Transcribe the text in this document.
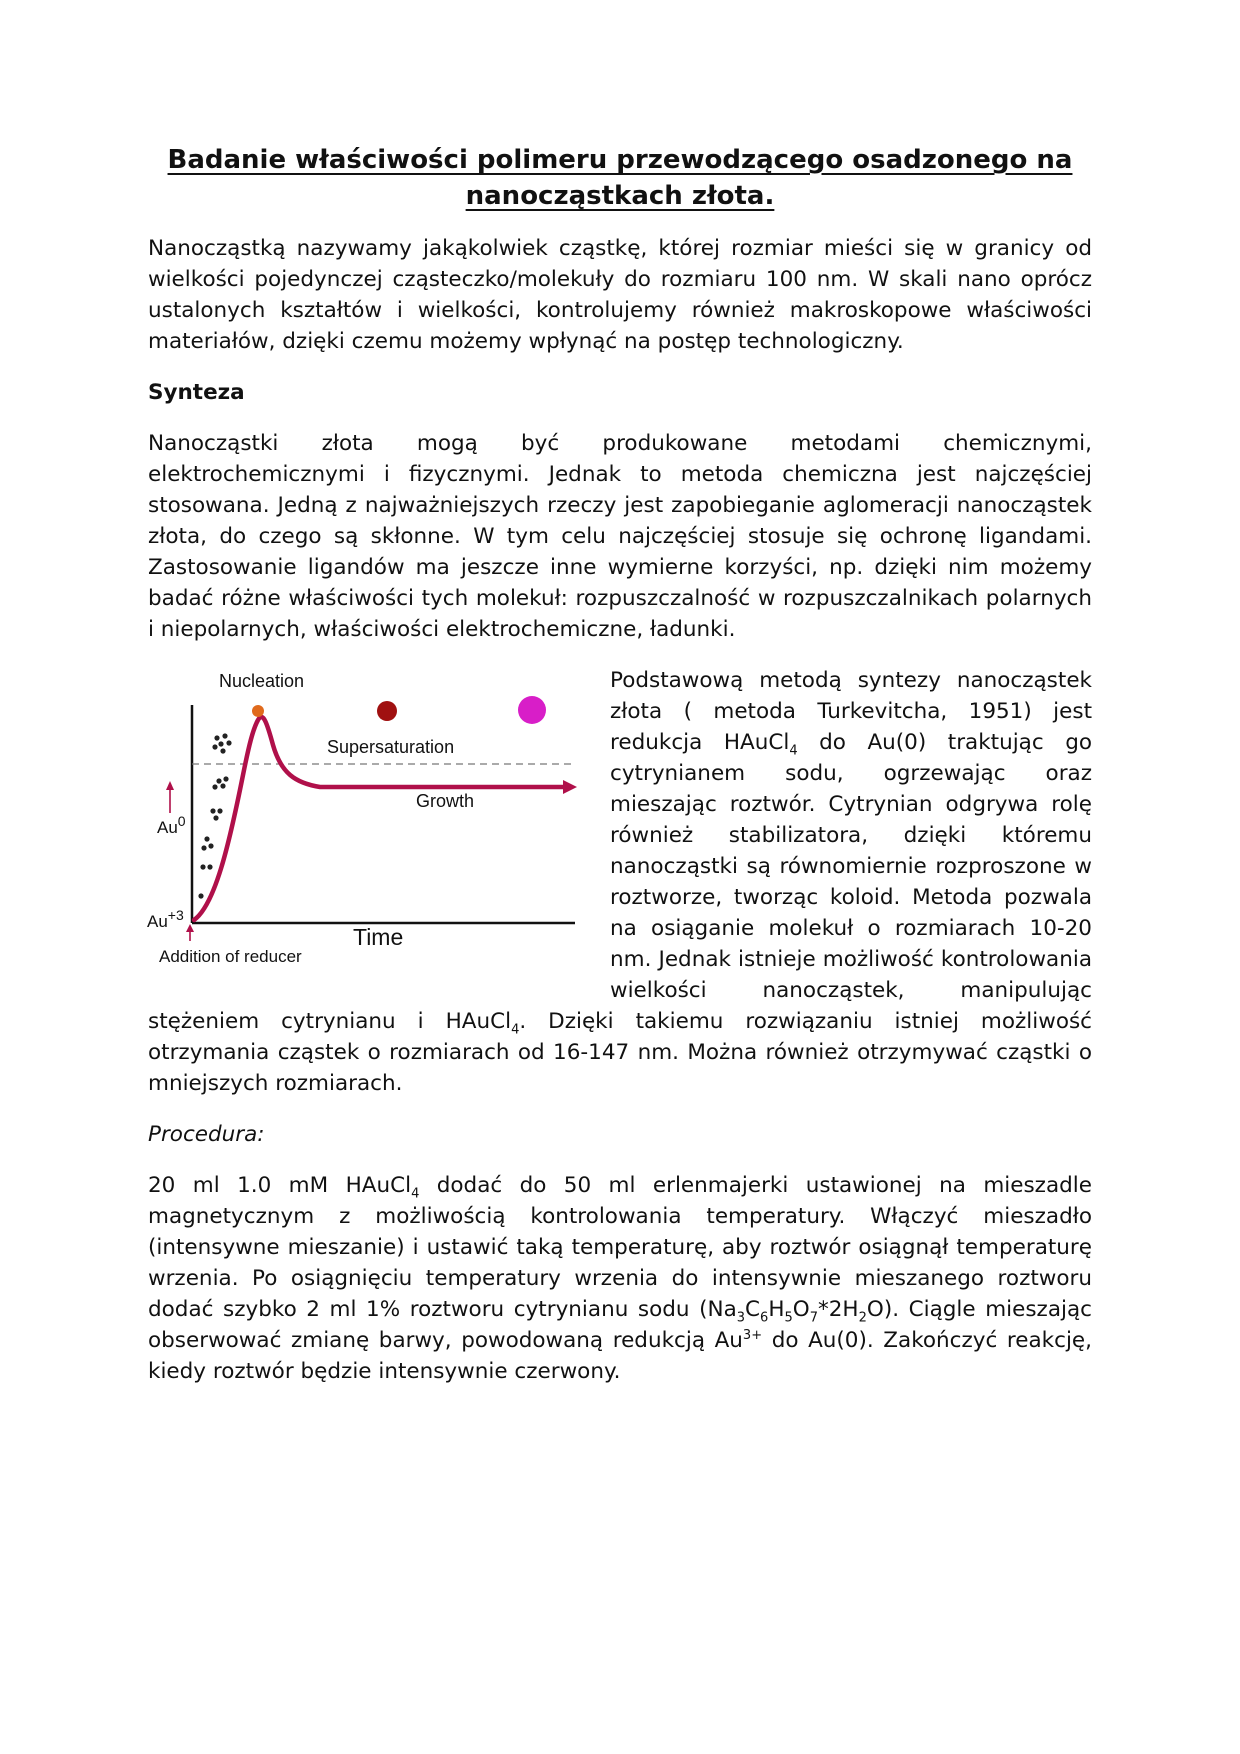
Badanie właściwości polimeru przewodzącego osadzonego na nanocząstkach złota.

Nanocząstką nazywamy jakąkolwiek cząstkę, której rozmiar mieści się w granicy od wielkości pojedynczej cząsteczko/molekuły do rozmiaru 100 nm. W skali nano oprócz ustalonych kształtów i wielkości, kontrolujemy również makroskopowe właściwości materiałów, dzięki czemu możemy wpłynąć na postęp technologiczny.

Synteza

Nanocząstki złota mogą być produkowane metodami chemicznymi, elektrochemicznymi i fizycznymi. Jednak to metoda chemiczna jest najczęściej stosowana. Jedną z najważniejszych rzeczy jest zapobieganie aglomeracji nanocząstek złota, do czego są skłonne. W tym celu najczęściej stosuje się ochronę ligandami. Zastosowanie ligandów ma jeszcze inne wymierne korzyści, np. dzięki nim możemy badać różne właściwości tych molekuł: rozpuszczalność w rozpuszczalnikach polarnych i niepolarnych, właściwości elektrochemiczne, ładunki.

Nucleation
Supersaturation
Growth
Time
Au$^0$
$Au^{+3}$
Addition of reducer

Podstawową metodą syntezy nanocząstek złota ( metoda Turkevitcha, 1951) jest redukcja HAuCl$_4$ do Au(0) traktując go cytrynianem sodu, ogrzewając oraz mieszając roztwór. Cytrynian odgrywa rolę również stabilizatora, dzięki któremu nanocząstki są równomiernie rozproszone w roztworze, tworząc koloid. Metoda pozwala na osiąganie molekuł o rozmiarach 10-20 nm. Jednak istnieje możliwość kontrolowania wielkości nanocząstek, manipulując stężeniem cytrynianu i HAuCl$_4$. Dzięki takiemu rozwiązaniu istniej możliwość otrzymania cząstek o rozmiarach od 16-147 nm. Można również otrzymywać cząstki o mniejszych rozmiarach.

Procedura:

20 ml 1.0 mM HAuCl$_4$ dodać do 50 ml erlenmajerki ustawionej na mieszadle magnetycznym z możliwością kontrolowania temperatury. Włączyć mieszadło (intensywne mieszanie) i ustawić taką temperaturę, aby roztwór osiągnął temperaturę wrzenia. Po osiągnięciu temperatury wrzenia do intensywnie mieszanego roztworu dodać szybko 2 ml 1% roztworu cytrynianu sodu $(Na_3C_6H_5O_7*2H_2O)$. Ciągle mieszając obserwować zmianę barwy, powodowaną redukcją $Au^{3+}$ do Au(0). Zakończyć reakcję, kiedy roztwór będzie intensywnie czerwony.
